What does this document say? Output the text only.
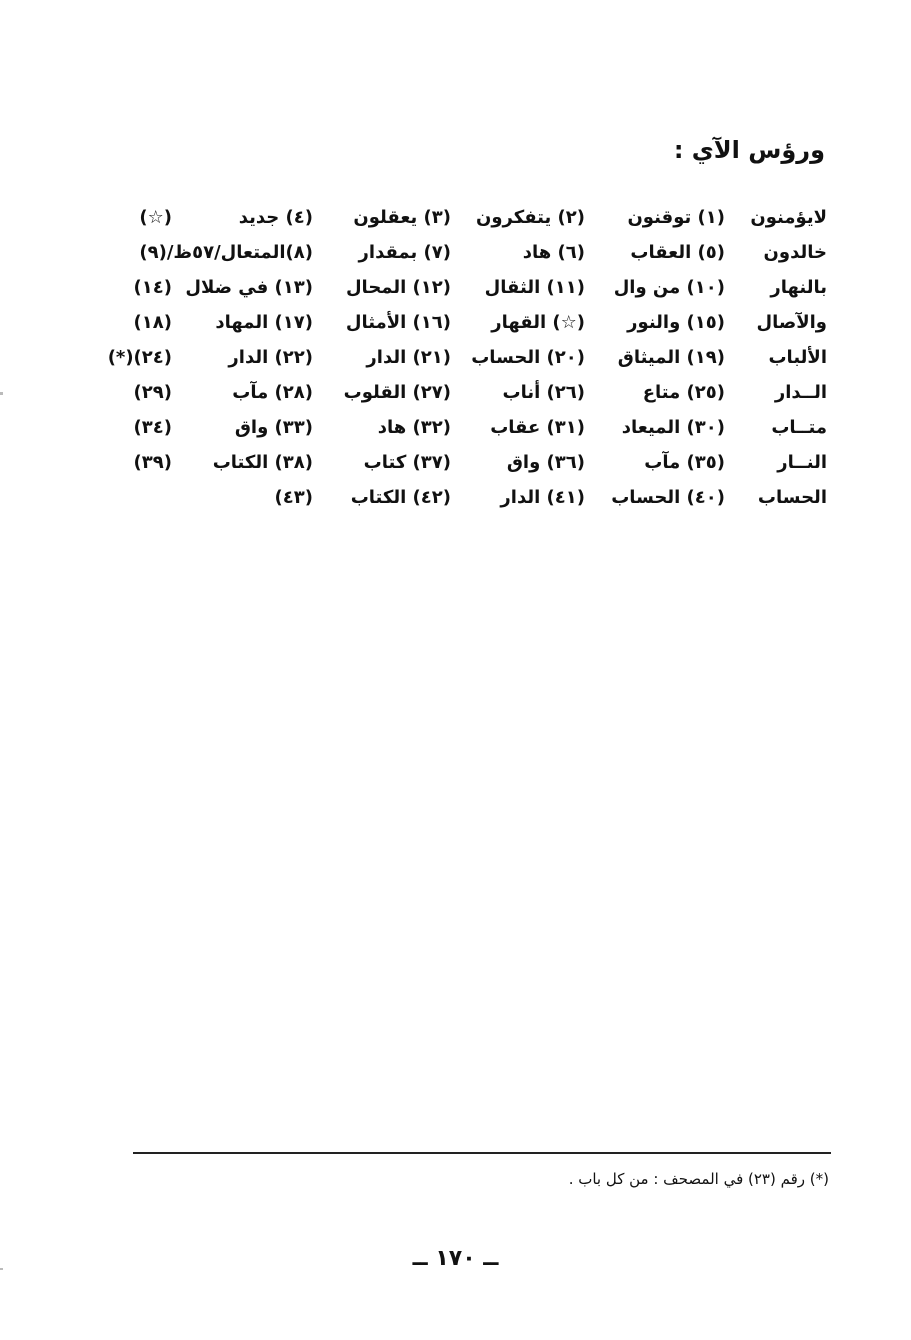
ورؤس الآي :
لايؤمنون
(١) توقنون
(٢) يتفكرون
(٣) يعقلون
(٤) جديد
(☆)
خالدون
(٥) العقاب
(٦) هاد
(٧) بمقدار
(٨)المتعال/٥٧ظ/(٩)
بالنهار
(١٠) من وال
(١١) الثقال
(١٢) المحال
(١٣) في ضلال
(١٤)
والآصال
(١٥) والنور
(☆) القهار
(١٦) الأمثال
(١٧) المهاد
(١٨)
الألباب
(١٩) الميثاق
(٢٠) الحساب
(٢١) الدار
(٢٢) الدار
(٢٤)(*)
الــدار
(٢٥) متاع
(٢٦) أناب
(٢٧) القلوب
(٢٨) مآب
(٢٩)
متــاب
(٣٠) الميعاد
(٣١) عقاب
(٣٢) هاد
(٣٣) واق
(٣٤)
النــار
(٣٥) مآب
(٣٦) واق
(٣٧) كتاب
(٣٨) الكتاب
(٣٩)
الحساب
(٤٠) الحساب
(٤١) الدار
(٤٢) الكتاب
(٤٣)
(*) رقم (٢٣) في المصحف : من كل باب .
ــ ١٧٠ ــ
